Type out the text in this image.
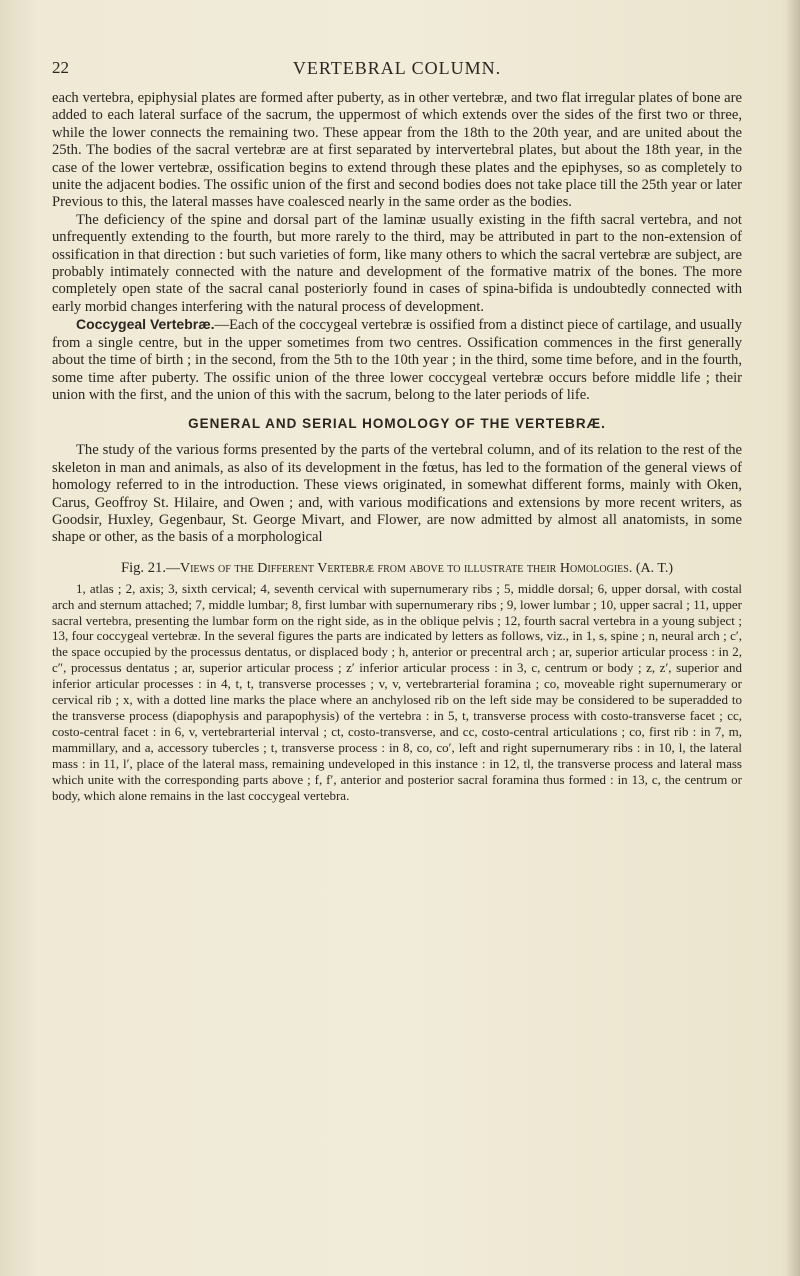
22	VERTEBRAL COLUMN.

each vertebra, epiphysial plates are formed after puberty, as in other vertebræ, and two flat irregular plates of bone are added to each lateral surface of the sacrum, the uppermost of which extends over the sides of the first two or three, while the lower connects the remaining two. These appear from the 18th to the 20th year, and are united about the 25th. The bodies of the sacral vertebræ are at first separated by intervertebral plates, but about the 18th year, in the case of the lower vertebræ, ossification begins to extend through these plates and the epiphyses, so as completely to unite the adjacent bodies. The ossific union of the first and second bodies does not take place till the 25th year or later Previous to this, the lateral masses have coalesced nearly in the same order as the bodies.

The deficiency of the spine and dorsal part of the laminæ usually existing in the fifth sacral vertebra, and not unfrequently extending to the fourth, but more rarely to the third, may be attributed in part to the non-extension of ossification in that direction : but such varieties of form, like many others to which the sacral vertebræ are subject, are probably intimately connected with the nature and development of the formative matrix of the bones. The more completely open state of the sacral canal posteriorly found in cases of spina-bifida is undoubtedly connected with early morbid changes interfering with the natural process of development.

Coccygeal Vertebræ.—Each of the coccygeal vertebræ is ossified from a distinct piece of cartilage, and usually from a single centre, but in the upper sometimes from two centres. Ossification commences in the first generally about the time of birth ; in the second, from the 5th to the 10th year ; in the third, some time before, and in the fourth, some time after puberty. The ossific union of the three lower coccygeal vertebræ occurs before middle life ; their union with the first, and the union of this with the sacrum, belong to the later periods of life.

GENERAL AND SERIAL HOMOLOGY OF THE VERTEBRÆ.

The study of the various forms presented by the parts of the vertebral column, and of its relation to the rest of the skeleton in man and animals, as also of its development in the fœtus, has led to the formation of the general views of homology referred to in the introduction. These views originated, in somewhat different forms, mainly with Oken, Carus, Geoffroy St. Hilaire, and Owen ; and, with various modifications and extensions by more recent writers, as Goodsir, Huxley, Gegenbaur, St. George Mivart, and Flower, are now admitted by almost all anatomists, in some shape or other, as the basis of a morphological

Fig. 21.—Views of the Different Vertebræ from above to illustrate their Homologies. (A. T.)

1, atlas ; 2, axis; 3, sixth cervical; 4, seventh cervical with supernumerary ribs ; 5, middle dorsal; 6, upper dorsal, with costal arch and sternum attached; 7, middle lumbar; 8, first lumbar with supernumerary ribs ; 9, lower lumbar ; 10, upper sacral ; 11, upper sacral vertebra, presenting the lumbar form on the right side, as in the oblique pelvis ; 12, fourth sacral vertebra in a young subject ; 13, four coccygeal vertebræ. In the several figures the parts are indicated by letters as follows, viz., in 1, s, spine ; n, neural arch ; c′, the space occupied by the processus dentatus, or displaced body ; h, anterior or precentral arch ; ar, superior articular process : in 2, c″, processus dentatus ; ar, superior articular process ; z′ inferior articular process : in 3, c, centrum or body ; z, z′, superior and inferior articular processes : in 4, t, t, transverse processes ; v, v, vertebrarterial foramina ; co, moveable right supernumerary or cervical rib ; x, with a dotted line marks the place where an anchylosed rib on the left side may be considered to be superadded to the transverse process (diapophysis and parapophysis) of the vertebra : in 5, t, transverse process with costo-transverse facet ; cc, costo-central facet : in 6, v, vertebrarterial interval ; ct, costo-transverse, and cc, costo-central articulations ; co, first rib : in 7, m, mammillary, and a, accessory tubercles ; t, transverse process : in 8, co, co′, left and right supernumerary ribs : in 10, l, the lateral mass : in 11, l′, place of the lateral mass, remaining undeveloped in this instance : in 12, tl, the transverse process and lateral mass which unite with the corresponding parts above ; f, f′, anterior and posterior sacral foramina thus formed : in 13, c, the centrum or body, which alone remains in the last coccygeal vertebra.
